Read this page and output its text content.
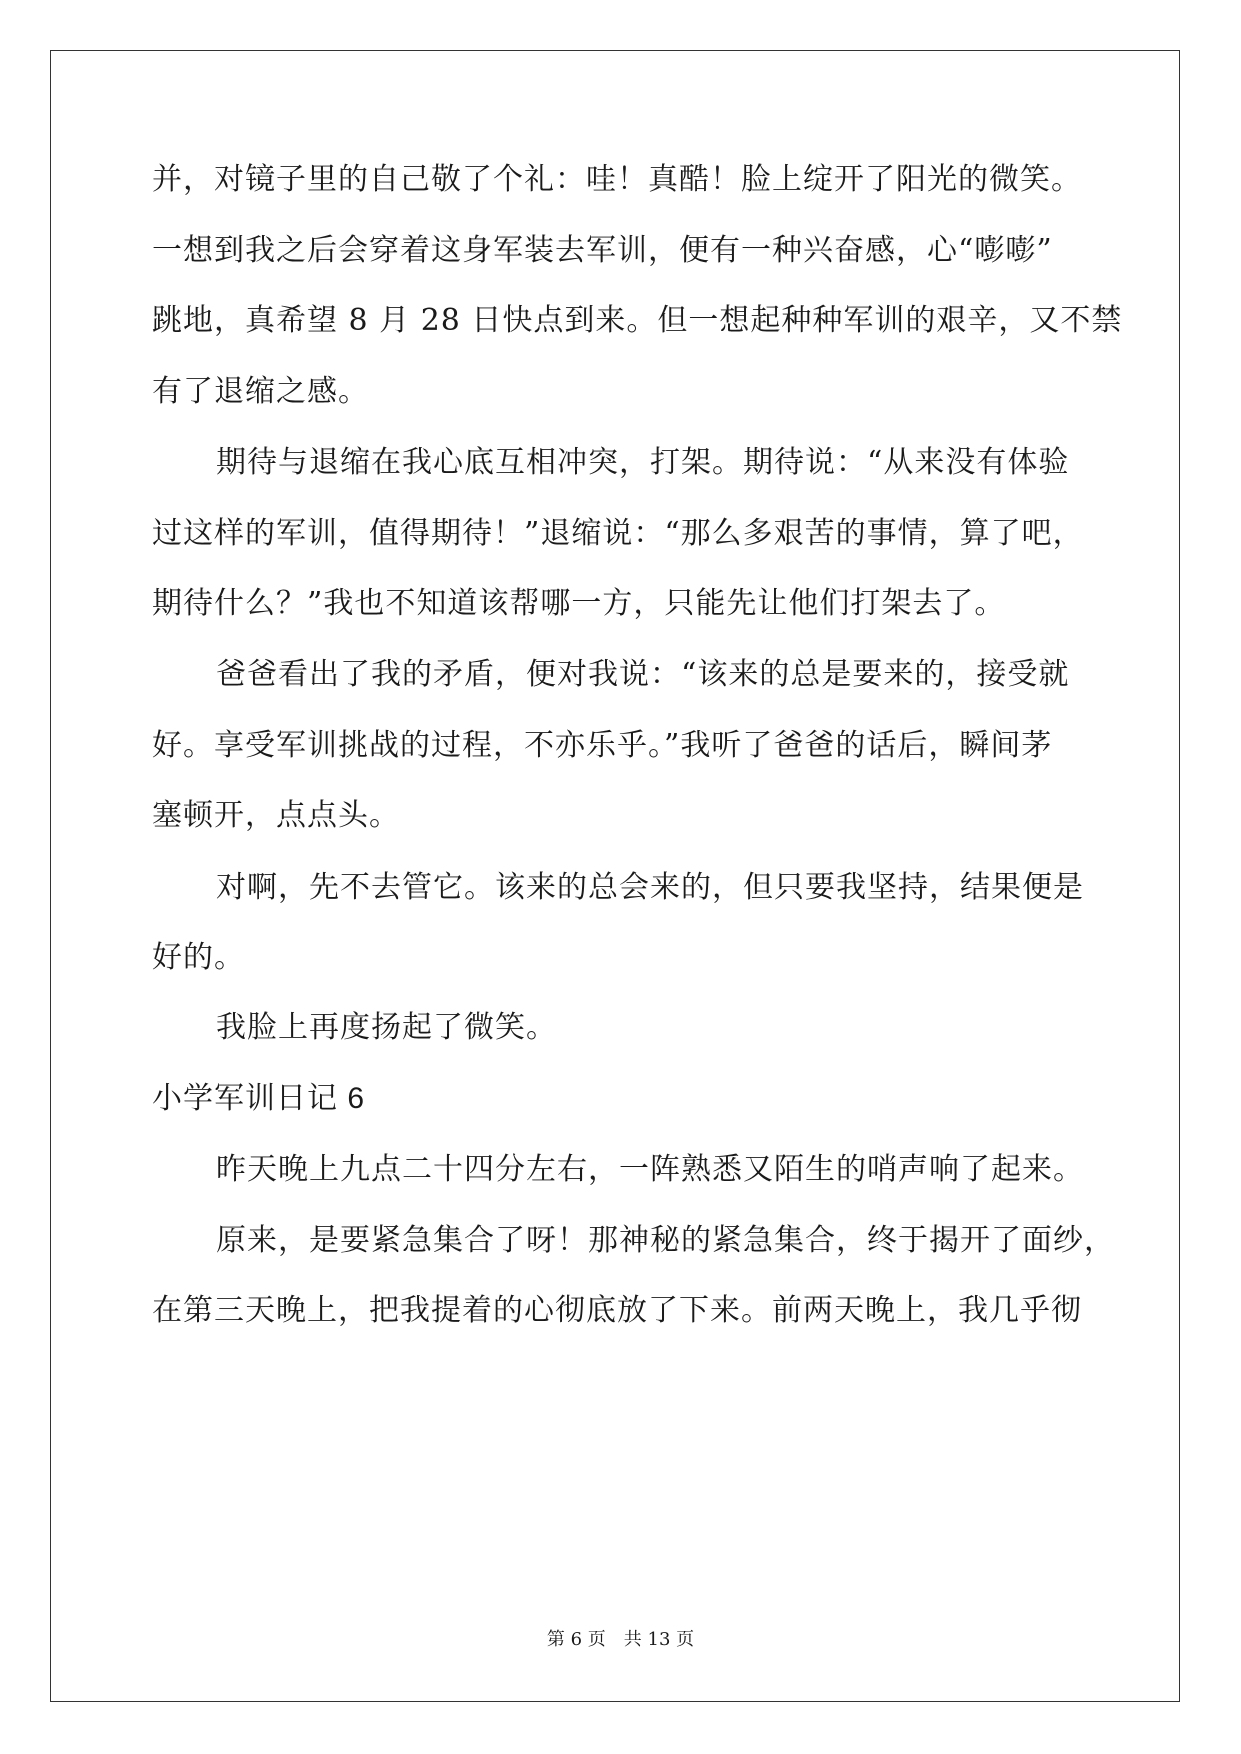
并，对镜子里的自己敬了个礼：哇！真酷！脸上绽开了阳光的微笑。
一想到我之后会穿着这身军装去军训，便有一种兴奋感，心“嘭嘭”
跳地，真希望 8 月 28 日快点到来。但一想起种种军训的艰辛，又不禁
有了退缩之感。
期待与退缩在我心底互相冲突，打架。期待说：“从来没有体验
过这样的军训，值得期待！”退缩说：“那么多艰苦的事情，算了吧，
期待什么？”我也不知道该帮哪一方，只能先让他们打架去了。
爸爸看出了我的矛盾，便对我说：“该来的总是要来的，接受就
好。享受军训挑战的过程，不亦乐乎。”我听了爸爸的话后，瞬间茅
塞顿开，点点头。
对啊，先不去管它。该来的总会来的，但只要我坚持，结果便是
好的。
我脸上再度扬起了微笑。
小学军训日记 6
昨天晚上九点二十四分左右，一阵熟悉又陌生的哨声响了起来。
原来，是要紧急集合了呀！那神秘的紧急集合，终于揭开了面纱，
在第三天晚上，把我提着的心彻底放了下来。前两天晚上，我几乎彻
第 6 页　共 13 页
